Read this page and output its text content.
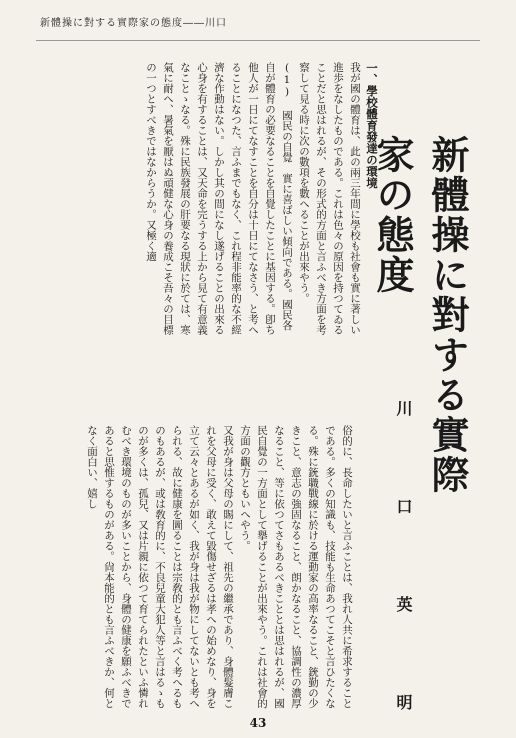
新體操に對する實際家の態度――川口
新體操に對する實際家の態度
川
口
英
明

一、學校體育發達の環境

我が國の體育は、此の兩三年間に學校も社會も實に著しい進歩をなしたものである。これは色々の原因を持つてゐることだと思はれるが、その形式的方面と言ふべき方面を考察して見る時に次の數項を數へることが出來やう。

(1) 國民の自覺　實に喜ばしい傾向である。國民各自が體育の必要なることを自覺したことに基因する。卽ち他人が一日にてなすことを自分は十日にてなさう、と考へることになつた、言ふまでもなく、これ程非能率的な不經濟な作動はない。しかし其の間になし遂げることの出來る心身を有することは、又天命を完うする上から見て有意義なことゝなる。殊に民族發展の肝要なる現狀に於ては、寒氣に耐へ、暑氣を厭はぬ頑健な心身の養成こそ吾々の目標の一つとすべきではなからうか。又極く適

俗的に、長命したいと言ふことは、我れ人共に希求することである。多くの知識も、技能も生命あつてこそと言ひたくなる。殊に銃職戰線に於ける運動家の高率なること、銃勤の少きこと、意志の強固なること、朗かなること、協調性の濃厚なること、等に依つてさもあるべきこととは思はれるが、國民自覺の一方面として擧げることが出來やう。これは社會的方面の觀方ともいへやう。

又我が身は父母の賜にして、祖先の繼承であり、身體髮膚これを父母に受く、敢えて毀傷せざるは孝への始めなり、身を立て云々とあるが如く、我が身は我が物にしてないとも考へられる、故に健康を圖ることは宗敎的とも言ふべく考へるものもあるが、或は敎育的に、不良兒童大犯人等と言はるゝものが多くは、孤兒、又は片親に依つて育てられたといふ憐れむべき環境のものが多いことから、身體の健康を願ふべきであると思惟するものがある。尙本能的とも言ふべきか、何となく面白い、嬉し

43
